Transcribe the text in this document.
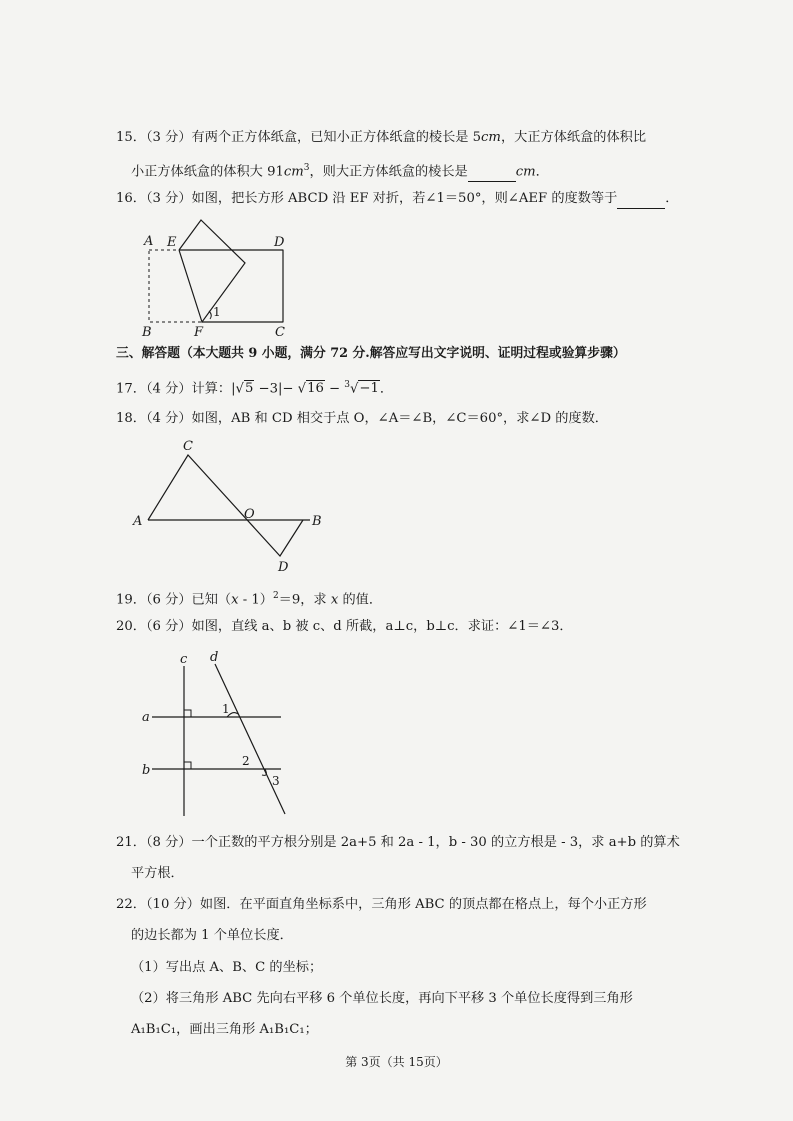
15．（3 分）有两个正方体纸盒，已知小正方体纸盒的棱长是 5cm，大正方体纸盒的体积比
小正方体纸盒的体积大 $91cm^3$，则大正方体纸盒的棱长是	cm．
16．（3 分）如图，把长方形 ABCD 沿 EF 对折，若∠1＝50°，则∠AEF 的度数等于	．
A E	D
B	F	C
1
三、解答题（本大题共 9 小题，满分 72 分.解答应写出文字说明、证明过程或验算步骤）
17．（4 分）计算：|√5 −3|− √16 − $^3$√−1．
18．（4 分）如图，AB 和 CD 相交于点 O，∠A＝∠B，∠C＝60°，求∠D 的度数．
C
A	O	B
D
19．（6 分）已知（x - 1）$^2$＝9，求 x 的值．
20．（6 分）如图，直线 a、b 被 c、d 所截，a⊥c，b⊥c．求证：∠1＝∠3．
c d
a
b
1
2
3
21．（8 分）一个正数的平方根分别是 2a+5 和 2a - 1，b - 30 的立方根是 - 3，求 a+b 的算术
平方根．
22．（10 分）如图．在平面直角坐标系中，三角形 ABC 的顶点都在格点上，每个小正方形
的边长都为 1 个单位长度．
（1）写出点 A、B、C 的坐标；
（2）将三角形 ABC 先向右平移 6 个单位长度，再向下平移 3 个单位长度得到三角形
A₁B₁C₁，画出三角形 A₁B₁C₁；
第 3页（共 15页）
